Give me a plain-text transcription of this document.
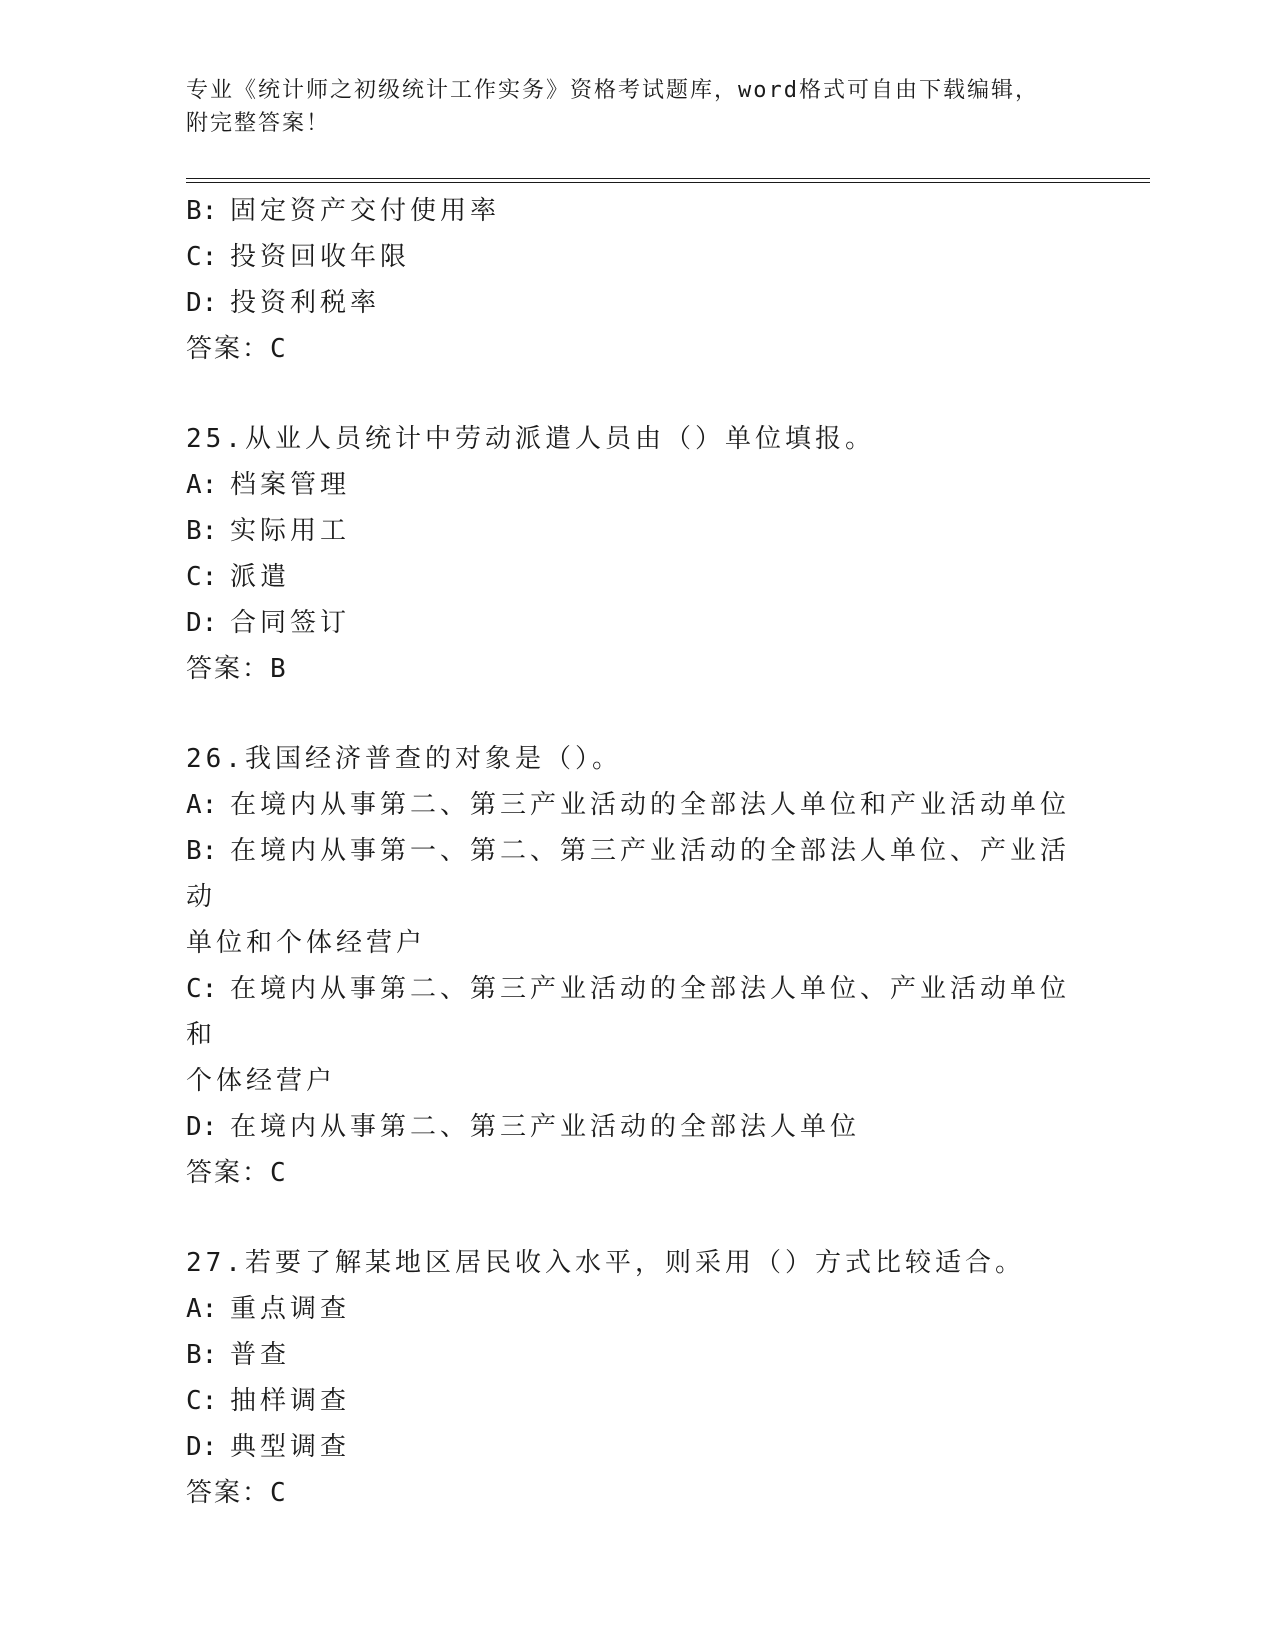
专业《统计师之初级统计工作实务》资格考试题库，word格式可自由下载编辑，
附完整答案！
B: 固定资产交付使用率
C: 投资回收年限
D: 投资利税率
答案：C
25.从业人员统计中劳动派遣人员由（）单位填报。
A: 档案管理
B: 实际用工
C: 派遣
D: 合同签订
答案：B
26.我国经济普查的对象是（）。
A: 在境内从事第二、第三产业活动的全部法人单位和产业活动单位
B: 在境内从事第一、第二、第三产业活动的全部法人单位、产业活动
单位和个体经营户
C: 在境内从事第二、第三产业活动的全部法人单位、产业活动单位和
个体经营户
D: 在境内从事第二、第三产业活动的全部法人单位
答案：C
27.若要了解某地区居民收入水平，则采用（）方式比较适合。
A: 重点调查
B: 普查
C: 抽样调查
D: 典型调查
答案：C
